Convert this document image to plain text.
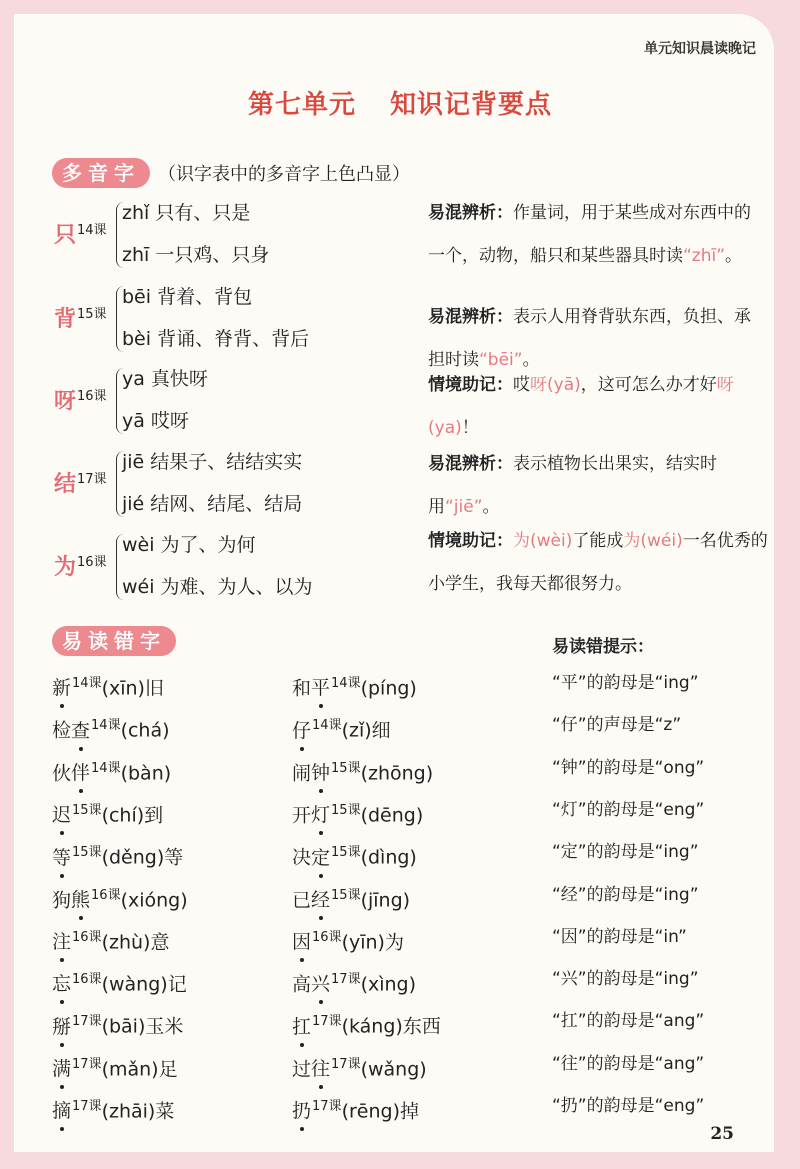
单元知识晨读晚记
第七单元 知识记背要点
多音字	（识字表中的多音字上色凸显）
只$^{14课}$
zhǐ 只有、只是
zhī 一只鸡、只身
背$^{15课}$
bēi 背着、背包
bèi 背诵、脊背、背后
呀$^{16课}$
ya 真快呀
yā 哎呀
结$^{17课}$
jiē 结果子、结结实实
jié 结网、结尾、结局
为$^{16课}$
wèi 为了、为何
wéi 为难、为人、以为
易混辨析：作量词，用于某些成对东西中的一个，动物，船只和某些器具时读“zhī”。
易混辨析：表示人用脊背驮东西，负担、承担时读“bēi”。
情境助记：哎呀(yā)，这可怎么办才好呀(ya)！
易混辨析：表示植物长出果实，结实时用“jiē”。
情境助记：为(wèi)了能成为(wéi)一名优秀的小学生，我每天都很努力。
易读错字	易读错提示：
新$^{14课}$(xīn)旧
检查$^{14课}$(chá)
伙伴$^{14课}$(bàn)
迟$^{15课}$(chí)到
等$^{15课}$(děng)等
狗熊$^{16课}$(xióng)
注$^{16课}$(zhù)意
忘$^{16课}$(wàng)记
掰$^{17课}$(bāi)玉米
满$^{17课}$(mǎn)足
摘$^{17课}$(zhāi)菜
和平$^{14课}$(píng)
仔$^{14课}$(zǐ)细
闹钟$^{15课}$(zhōng)
开灯$^{15课}$(dēng)
决定$^{15课}$(dìng)
已经$^{15课}$(jīng)
因$^{16课}$(yīn)为
高兴$^{17课}$(xìng)
扛$^{17课}$(káng)东西
过往$^{17课}$(wǎng)
扔$^{17课}$(rēng)掉
“平”的韵母是“ing”
“仔”的声母是“z”
“钟”的韵母是“ong”
“灯”的韵母是“eng”
“定”的韵母是“ing”
“经”的韵母是“ing”
“因”的韵母是“in”
“兴”的韵母是“ing”
“扛”的韵母是“ang”
“往”的韵母是“ang”
“扔”的韵母是“eng”
25
